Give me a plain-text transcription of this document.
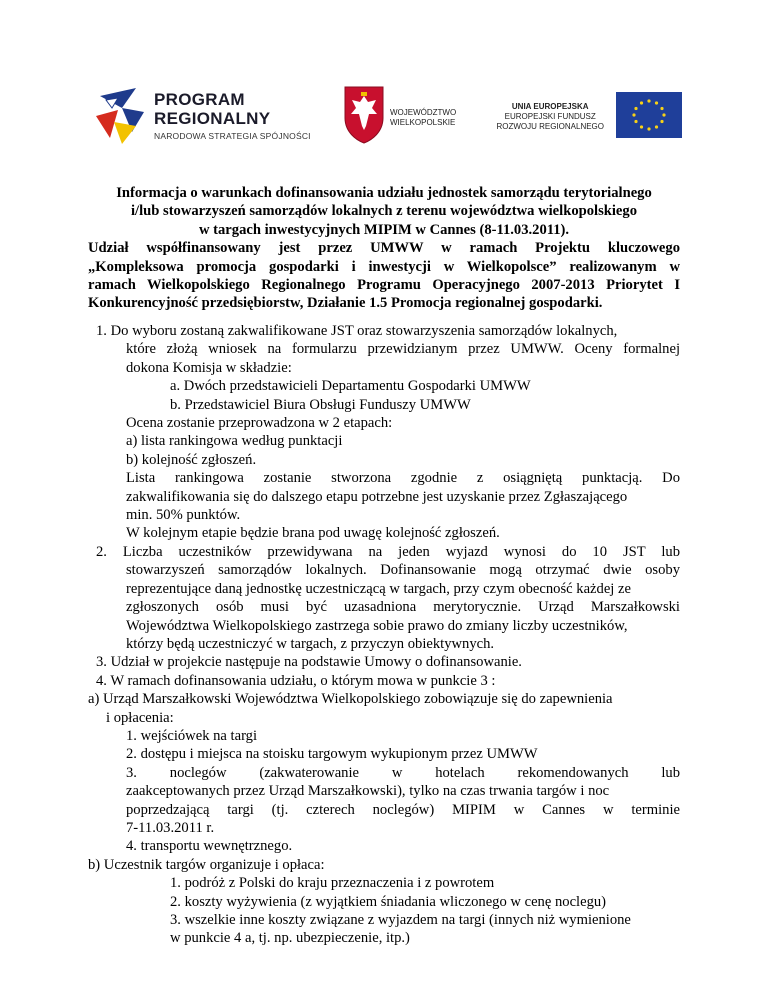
PROGRAM
REGIONALNY
NARODOWA STRATEGIA SPÓJNOŚCI
WOJEWÓDZTWO
WIELKOPOLSKIE
UNIA EUROPEJSKA
EUROPEJSKI FUNDUSZ
ROZWOJU REGIONALNEGO
Informacja o warunkach dofinansowania udziału jednostek samorządu terytorialnego
i/lub stowarzyszeń samorządów lokalnych z terenu województwa wielkopolskiego
w targach inwestycyjnych MIPIM w Cannes (8-11.03.2011).
Udział współfinansowany jest przez UMWW w ramach Projektu kluczowego
„Kompleksowa promocja gospodarki i inwestycji w Wielkopolsce” realizowanym w
ramach Wielkopolskiego Regionalnego Programu Operacyjnego 2007-2013 Priorytet I
Konkurencyjność przedsiębiorstw, Działanie 1.5 Promocja regionalnej gospodarki.
1. Do wyboru zostaną zakwalifikowane JST oraz stowarzyszenia samorządów lokalnych,
które złożą wniosek na formularzu przewidzianym przez UMWW. Oceny formalnej
dokona Komisja w składzie:
a. Dwóch przedstawicieli Departamentu Gospodarki UMWW
b. Przedstawiciel Biura Obsługi Funduszy UMWW
Ocena zostanie przeprowadzona w 2 etapach:
a) lista rankingowa według punktacji
b) kolejność zgłoszeń.
Lista rankingowa zostanie stworzona zgodnie z osiągniętą punktacją. Do
zakwalifikowania się do dalszego etapu potrzebne jest uzyskanie przez Zgłaszającego
min. 50% punktów.
W kolejnym etapie będzie brana pod uwagę kolejność zgłoszeń.
2. Liczba uczestników przewidywana na jeden wyjazd wynosi do 10 JST lub
stowarzyszeń samorządów lokalnych. Dofinansowanie mogą otrzymać dwie osoby
reprezentujące daną jednostkę uczestniczącą w targach, przy czym obecność każdej ze
zgłoszonych osób musi być uzasadniona merytorycznie. Urząd Marszałkowski
Województwa Wielkopolskiego zastrzega sobie prawo do zmiany liczby uczestników,
którzy będą uczestniczyć w targach, z przyczyn obiektywnych.
3. Udział w projekcie następuje na podstawie Umowy o dofinansowanie.
4. W ramach dofinansowania udziału, o którym mowa w punkcie 3 :
a) Urząd Marszałkowski Województwa Wielkopolskiego zobowiązuje się do zapewnienia
i opłacenia:
1. wejściówek na targi
2. dostępu i miejsca na stoisku targowym wykupionym przez UMWW
3. noclegów (zakwaterowanie w hotelach rekomendowanych lub
zaakceptowanych przez Urząd Marszałkowski), tylko na czas trwania targów i noc
poprzedzającą targi (tj. czterech noclegów) MIPIM w Cannes w terminie
7-11.03.2011 r.
4. transportu wewnętrznego.
b) Uczestnik targów organizuje i opłaca:
1. podróż z Polski do kraju przeznaczenia i z powrotem
2. koszty wyżywienia (z wyjątkiem śniadania wliczonego w cenę noclegu)
3. wszelkie inne koszty związane z wyjazdem na targi (innych niż wymienione
w punkcie 4 a, tj. np. ubezpieczenie, itp.)
